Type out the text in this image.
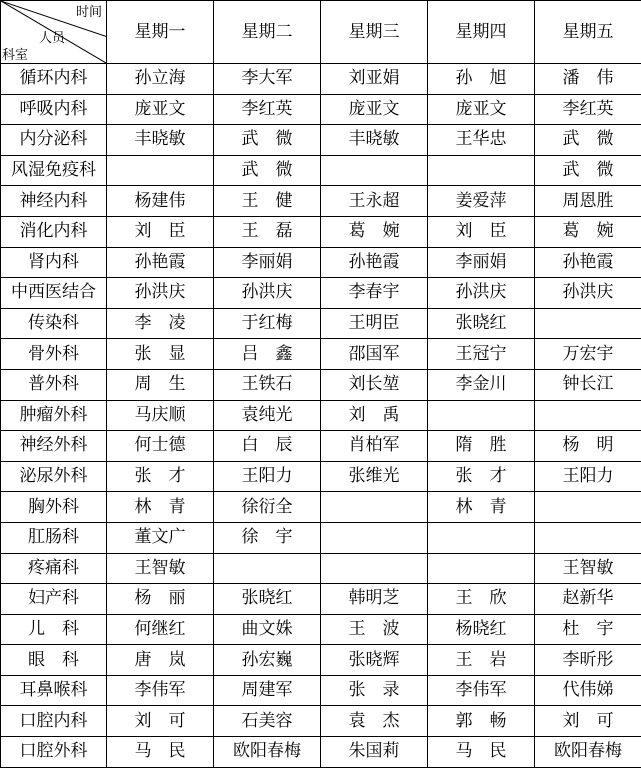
时间
人员
科室	星期一	星期二	星期三	星期四	星期五
循环内科	孙立海	李大军	刘亚娟	孙　旭	潘　伟
呼吸内科	庞亚文	李红英	庞亚文	庞亚文	李红英
内分泌科	丰晓敏	武　微	丰晓敏	王华忠	武　微
风湿免疫科		武　微			武　微
神经内科	杨建伟	王　健	王永超	姜爱萍	周恩胜
消化内科	刘　臣	王　磊	葛　婉	刘　臣	葛　婉
肾内科	孙艳霞	李丽娟	孙艳霞	李丽娟	孙艳霞
中西医结合	孙洪庆	孙洪庆	李春宇	孙洪庆	孙洪庆
传染科	李　凌	于红梅	王明臣	张晓红	
骨外科	张　显	吕　鑫	邵国军	王冠宁	万宏宇
普外科	周　生	王铁石	刘长堃	李金川	钟长江
肿瘤外科	马庆顺	袁纯光	刘　禹		
神经外科	何士德	白　辰	肖柏军	隋　胜	杨　明
泌尿外科	张　才	王阳力	张维光	张　才	王阳力
胸外科	林　青	徐衍全		林　青	
肛肠科	董文广	徐　宇			
疼痛科	王智敏				王智敏
妇产科	杨　丽	张晓红	韩明芝	王　欣	赵新华
儿　科	何继红	曲文姝	王　波	杨晓红	杜　宇
眼　科	唐　岚	孙宏巍	张晓辉	王　岩	李昕彤
耳鼻喉科	李伟军	周建军	张　录	李伟军	代伟娣
口腔内科	刘　可	石美容	袁　杰	郭　畅	刘　可
口腔外科	马　民	欧阳春梅	朱国莉	马　民	欧阳春梅
